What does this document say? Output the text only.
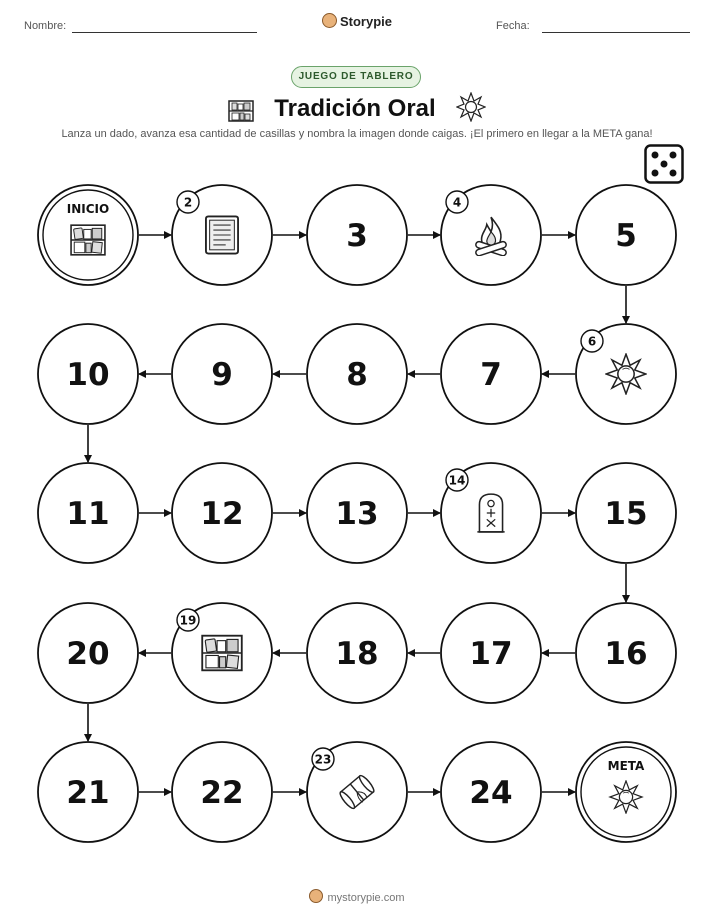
Nombre:	Storypie	Fecha:
JUEGO DE TABLERO
Tradición Oral
Lanza un dado, avanza esa cantidad de casillas y nombra la imagen donde caigas. ¡El primero en llegar a la META gana!
INICIO	2
3
4
5
6
7
8
9
10
11	12	13
14
15
16
17
18
19
20
21	22
23
24
META
mystorypie.com
